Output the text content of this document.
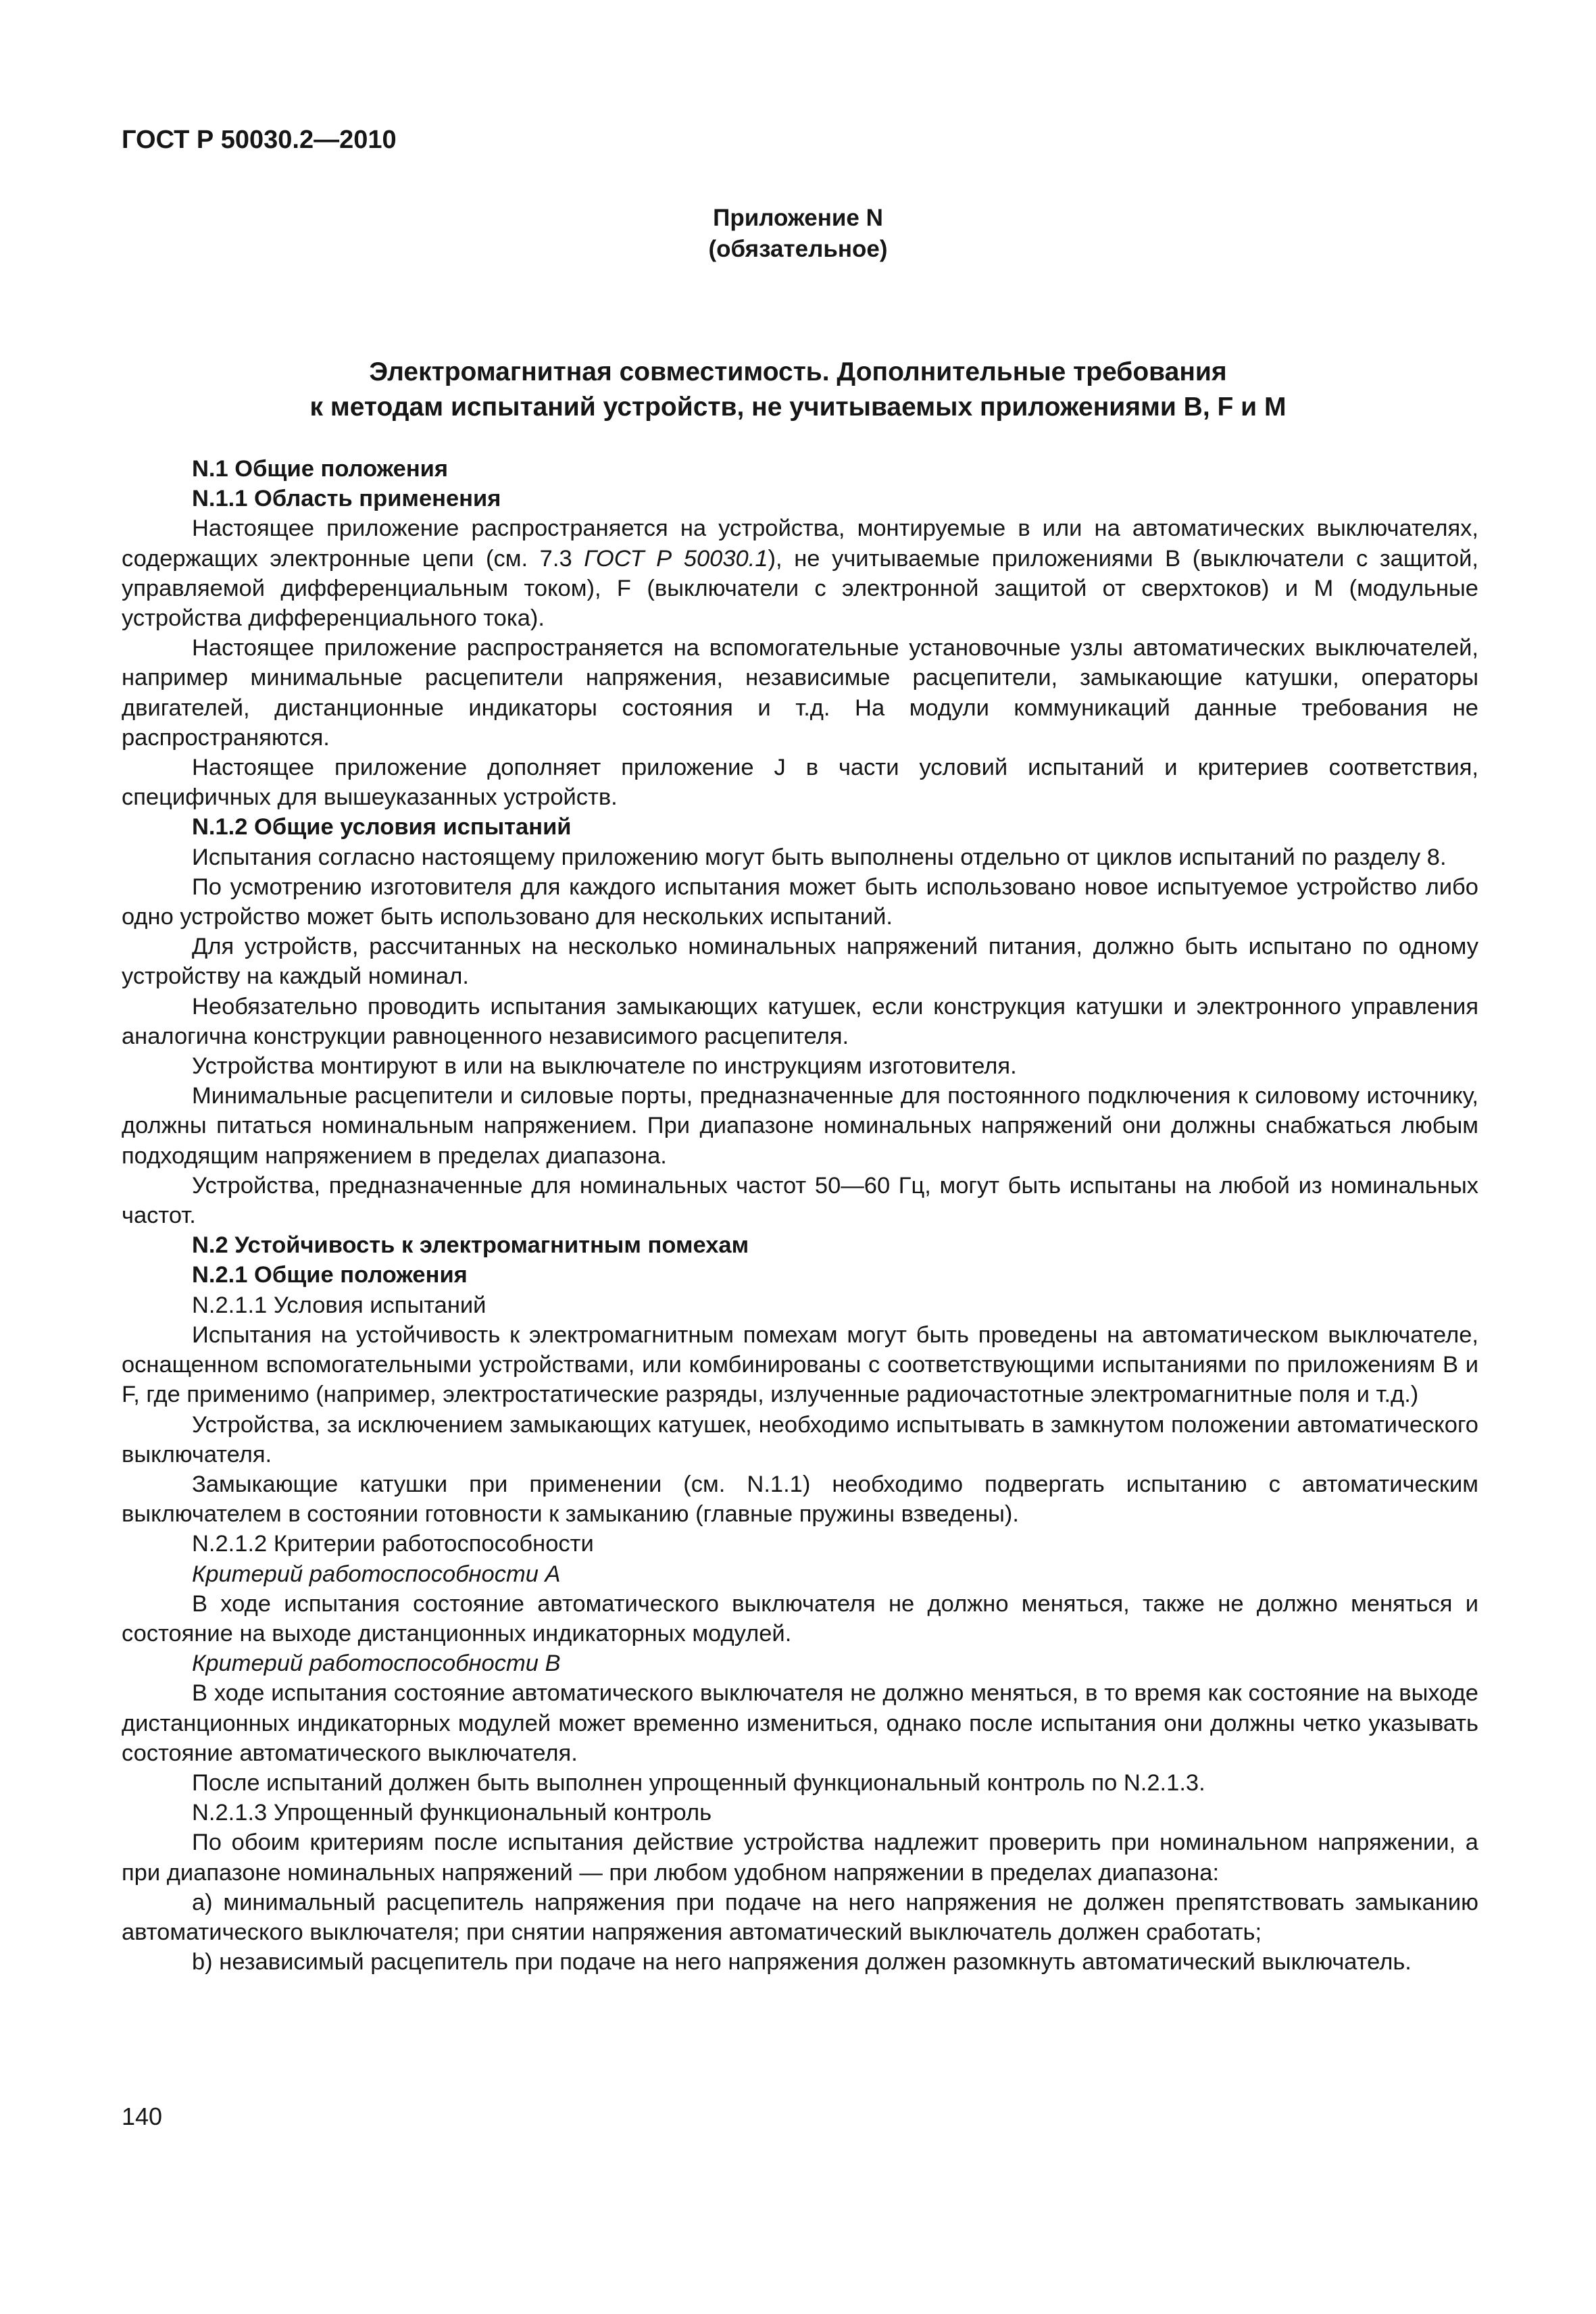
ГОСТ Р 50030.2—2010

Приложение N
(обязательное)
Электромагнитная совместимость. Дополнительные требования
к методам испытаний устройств, не учитываемых приложениями B, F и M

N.1 Общие положения

N.1.1 Область применения

Настоящее приложение распространяется на устройства, монтируемые в или на автоматических выключателях, содержащих электронные цепи (см. 7.3 ГОСТ Р 50030.1), не учитываемые приложениями B (выключатели с защитой, управляемой дифференциальным током), F (выключатели с электронной защитой от сверхтоков) и M (модульные устройства дифференциального тока).

Настоящее приложение распространяется на вспомогательные установочные узлы автоматических выключателей, например минимальные расцепители напряжения, независимые расцепители, замыкающие катушки, операторы двигателей, дистанционные индикаторы состояния и т.д. На модули коммуникаций данные требования не распространяются.

Настоящее приложение дополняет приложение J в части условий испытаний и критериев соответствия, специфичных для вышеуказанных устройств.

N.1.2 Общие условия испытаний

Испытания согласно настоящему приложению могут быть выполнены отдельно от циклов испытаний по разделу 8.

По усмотрению изготовителя для каждого испытания может быть использовано новое испытуемое устройство либо одно устройство может быть использовано для нескольких испытаний.

Для устройств, рассчитанных на несколько номинальных напряжений питания, должно быть испытано по одному устройству на каждый номинал.

Необязательно проводить испытания замыкающих катушек, если конструкция катушки и электронного управления аналогична конструкции равноценного независимого расцепителя.

Устройства монтируют в или на выключателе по инструкциям изготовителя.

Минимальные расцепители и силовые порты, предназначенные для постоянного подключения к силовому источнику, должны питаться номинальным напряжением. При диапазоне номинальных напряжений они должны снабжаться любым подходящим напряжением в пределах диапазона.

Устройства, предназначенные для номинальных частот 50—60 Гц, могут быть испытаны на любой из номинальных частот.

N.2 Устойчивость к электромагнитным помехам

N.2.1 Общие положения

N.2.1.1 Условия испытаний

Испытания на устойчивость к электромагнитным помехам могут быть проведены на автоматическом выключателе, оснащенном вспомогательными устройствами, или комбинированы с соответствующими испытаниями по приложениям B и F, где применимо (например, электростатические разряды, излученные радиочастотные электромагнитные поля и т.д.)

Устройства, за исключением замыкающих катушек, необходимо испытывать в замкнутом положении автоматического выключателя.

Замыкающие катушки при применении (см. N.1.1) необходимо подвергать испытанию с автоматическим выключателем в состоянии готовности к замыканию (главные пружины взведены).

N.2.1.2 Критерии работоспособности

Критерий работоспособности A

В ходе испытания состояние автоматического выключателя не должно меняться, также не должно меняться и состояние на выходе дистанционных индикаторных модулей.

Критерий работоспособности B

В ходе испытания состояние автоматического выключателя не должно меняться, в то время как состояние на выходе дистанционных индикаторных модулей может временно измениться, однако после испытания они должны четко указывать состояние автоматического выключателя.

После испытаний должен быть выполнен упрощенный функциональный контроль по N.2.1.3.

N.2.1.3 Упрощенный функциональный контроль

По обоим критериям после испытания действие устройства надлежит проверить при номинальном напряжении, а при диапазоне номинальных напряжений — при любом удобном напряжении в пределах диапазона:

a) минимальный расцепитель напряжения при подаче на него напряжения не должен препятствовать замыканию автоматического выключателя; при снятии напряжения автоматический выключатель должен сработать;

b) независимый расцепитель при подаче на него напряжения должен разомкнуть автоматический выключатель.

140
